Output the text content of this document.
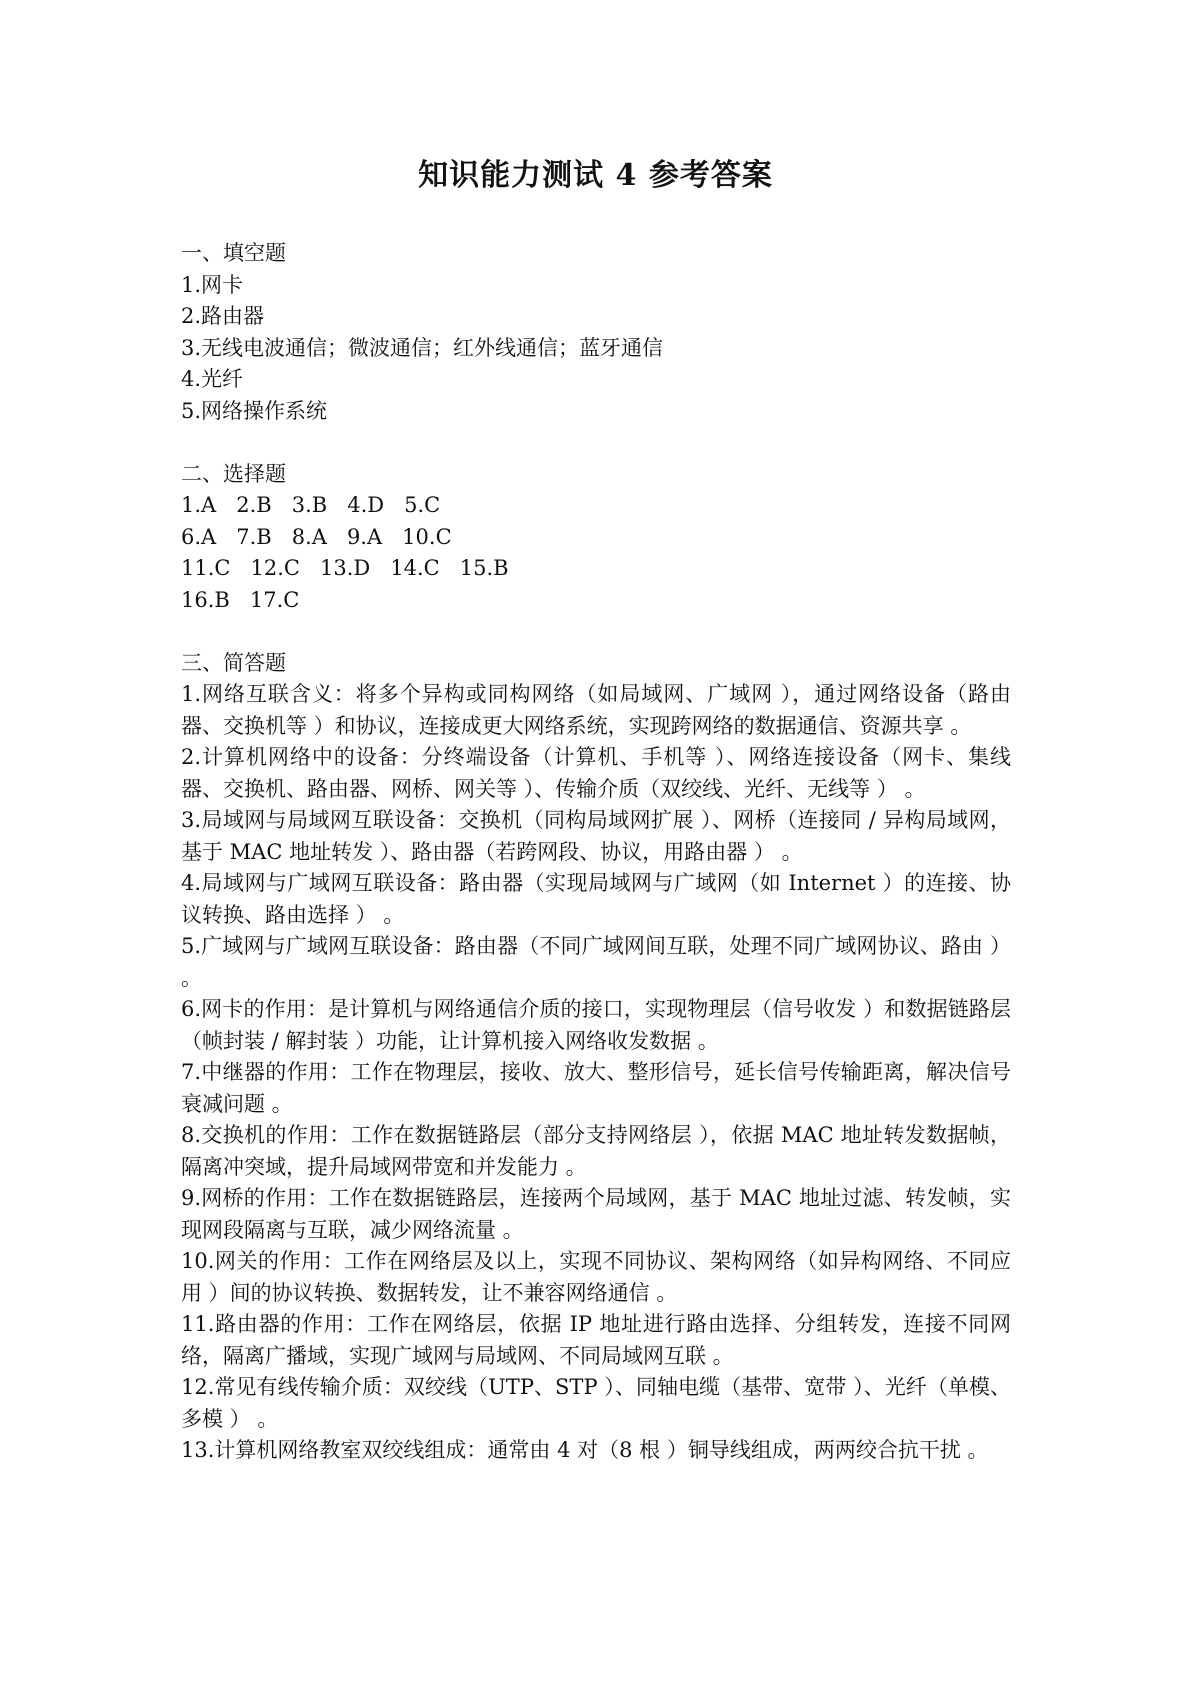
知识能力测试 4 参考答案
一、填空题
1.网卡
2.路由器
3.无线电波通信；微波通信；红外线通信；蓝牙通信
4.光纤
5.网络操作系统
二、选择题
1.A   2.B   3.B   4.D   5.C
6.A   7.B   8.A   9.A   10.C
11.C   12.C   13.D   14.C   15.B
16.B   17.C
三、简答题
1.网络互联含义：将多个异构或同构网络（如局域网、广域网 ），通过网络设备（路由器、交换机等 ）和协议，连接成更大网络系统，实现跨网络的数据通信、资源共享 。
2.计算机网络中的设备：分终端设备（计算机、手机等 ）、网络连接设备（网卡、集线器、交换机、路由器、网桥、网关等 ）、传输介质（双绞线、光纤、无线等 ） 。
3.局域网与局域网互联设备：交换机（同构局域网扩展 ）、网桥（连接同 / 异构局域网，基于 MAC 地址转发 ）、路由器（若跨网段、协议，用路由器 ） 。
4.局域网与广域网互联设备：路由器（实现局域网与广域网（如 Internet ）的连接、协议转换、路由选择 ） 。
5.广域网与广域网互联设备：路由器（不同广域网间互联，处理不同广域网协议、路由 ） 。
6.网卡的作用：是计算机与网络通信介质的接口，实现物理层（信号收发 ）和数据链路层（帧封装 / 解封装 ）功能，让计算机接入网络收发数据 。
7.中继器的作用：工作在物理层，接收、放大、整形信号，延长信号传输距离，解决信号衰减问题 。
8.交换机的作用：工作在数据链路层（部分支持网络层 ），依据 MAC 地址转发数据帧，隔离冲突域，提升局域网带宽和并发能力 。
9.网桥的作用：工作在数据链路层，连接两个局域网，基于 MAC 地址过滤、转发帧，实现网段隔离与互联，减少网络流量 。
10.网关的作用：工作在网络层及以上，实现不同协议、架构网络（如异构网络、不同应用 ）间的协议转换、数据转发，让不兼容网络通信 。
11.路由器的作用：工作在网络层，依据 IP 地址进行路由选择、分组转发，连接不同网络，隔离广播域，实现广域网与局域网、不同局域网互联 。
12.常见有线传输介质：双绞线（UTP、STP ）、同轴电缆（基带、宽带 ）、光纤（单模、多模 ） 。
13.计算机网络教室双绞线组成：通常由 4 对（8 根 ）铜导线组成，两两绞合抗干扰 。
